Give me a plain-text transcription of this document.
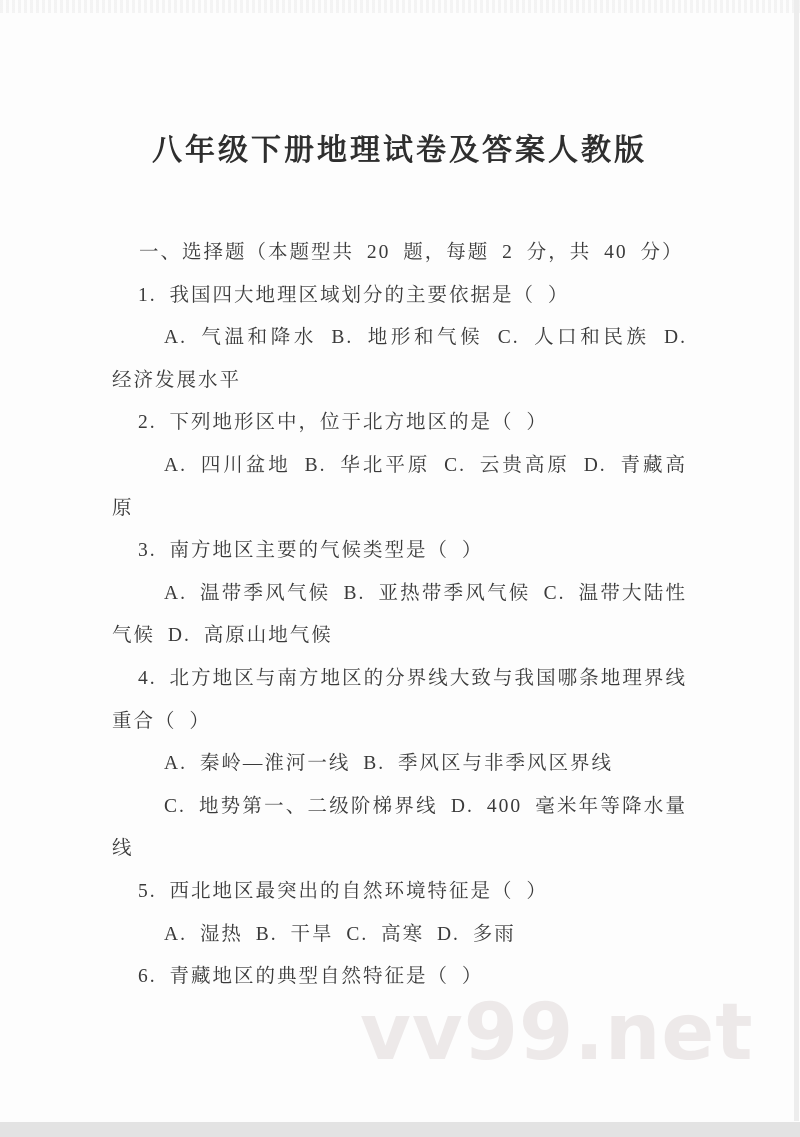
vv99.net
八年级下册地理试卷及答案人教版

一、选择题（本题型共 20 题，每题 2 分，共 40 分）

1. 我国四大地理区域划分的主要依据是（ ）

A. 气温和降水 B. 地形和气候 C. 人口和民族 D. 经济发展水平

2. 下列地形区中，位于北方地区的是（ ）

A. 四川盆地 B. 华北平原 C. 云贵高原 D. 青藏高原

3. 南方地区主要的气候类型是（ ）

A. 温带季风气候 B. 亚热带季风气候 C. 温带大陆性气候 D. 高原山地气候

4. 北方地区与南方地区的分界线大致与我国哪条地理界线重合（ ）

A. 秦岭—淮河一线 B. 季风区与非季风区界线

C. 地势第一、二级阶梯界线 D. 400 毫米年等降水量线

5. 西北地区最突出的自然环境特征是（ ）

A. 湿热 B. 干旱 C. 高寒 D. 多雨

6. 青藏地区的典型自然特征是（ ）
